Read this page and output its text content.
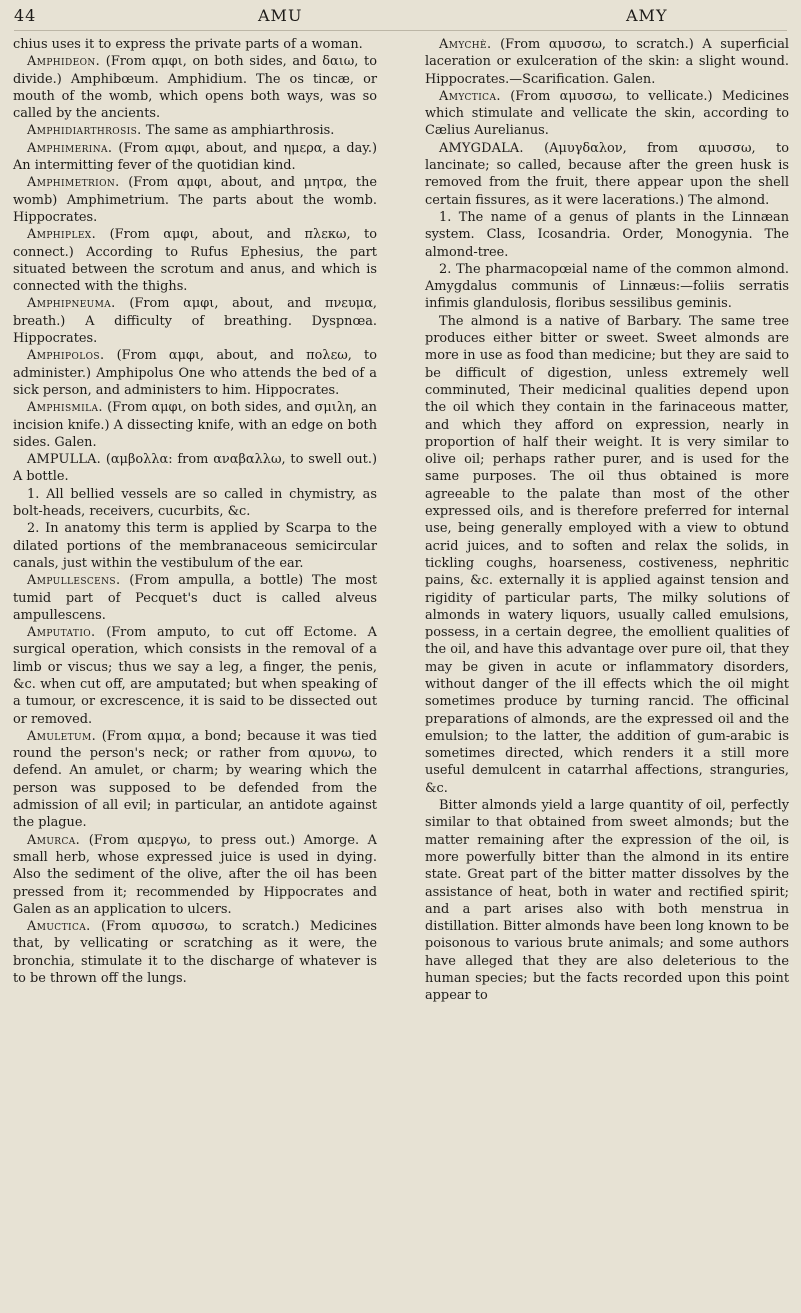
44	AMU	AMY

chius uses it to express the private parts of a woman.

Amphideon. (From αμφι, on both sides, and δαιω, to divide.) Amphibœum. Amphidium. The os tincæ, or mouth of the womb, which opens both ways, was so called by the ancients.

Amphidiarthrosis. The same as amphiarthrosis.

Amphimerina. (From αμφι, about, and ημερα, a day.) An intermitting fever of the quotidian kind.

Amphimetrion. (From αμφι, about, and μητρα, the womb) Amphimetrium. The parts about the womb. Hippocrates.

Amphiplex. (From αμφι, about, and πλεκω, to connect.) According to Rufus Ephesius, the part situated between the scrotum and anus, and which is connected with the thighs.

Amphipneuma. (From αμφι, about, and πνευμα, breath.) A difficulty of breathing. Dyspnœa. Hippocrates.

Amphipolos. (From αμφι, about, and πολεω, to administer.) Amphipolus One who attends the bed of a sick person, and administers to him. Hippocrates.

Amphismila. (From αμφι, on both sides, and σμιλη, an incision knife.) A dissecting knife, with an edge on both sides. Galen.

AMPULLA. (αμβολλα: from αναβαλλω, to swell out.) A bottle.

1. All bellied vessels are so called in chymistry, as bolt-heads, receivers, cucurbits, &c.

2. In anatomy this term is applied by Scarpa to the dilated portions of the membranaceous semicircular canals, just within the vestibulum of the ear.

Ampullescens. (From ampulla, a bottle) The most tumid part of Pecquet's duct is called alveus ampullescens.

Amputatio. (From amputo, to cut off Ectome. A surgical operation, which consists in the removal of a limb or viscus; thus we say a leg, a finger, the penis, &c. when cut off, are amputated; but when speaking of a tumour, or excrescence, it is said to be dissected out or removed.

Amuletum. (From αμμα, a bond; because it was tied round the person's neck; or rather from αμυνω, to defend. An amulet, or charm; by wearing which the person was supposed to be defended from the admission of all evil; in particular, an antidote against the plague.

Amurca. (From αμεργω, to press out.) Amorge. A small herb, whose expressed juice is used in dying. Also the sediment of the olive, after the oil has been pressed from it; recommended by Hippocrates and Galen as an application to ulcers.

Amuctica. (From αμυσσω, to scratch.) Medicines that, by vellicating or scratching as it were, the bronchia, stimulate it to the discharge of whatever is to be thrown off the lungs.

Amychè. (From αμυσσω, to scratch.) A superficial laceration or exulceration of the skin: a slight wound. Hippocrates.—Scarification. Galen.

Amyctica. (From αμυσσω, to vellicate.) Medicines which stimulate and vellicate the skin, according to Cælius Aurelianus.

AMYGDALA. (Αμυγδαλον, from αμυσσω, to lancinate; so called, because after the green husk is removed from the fruit, there appear upon the shell certain fissures, as it were lacerations.) The almond.

1. The name of a genus of plants in the Linnæan system. Class, Icosandria. Order, Monogynia. The almond-tree.

2. The pharmacopœial name of the common almond. Amygdalus communis of Linnæus:—foliis serratis infimis glandulosis, floribus sessilibus geminis.

The almond is a native of Barbary. The same tree produces either bitter or sweet. Sweet almonds are more in use as food than medicine; but they are said to be difficult of digestion, unless extremely well comminuted, Their medicinal qualities depend upon the oil which they contain in the farinaceous matter, and which they afford on expression, nearly in proportion of half their weight. It is very similar to olive oil; perhaps rather purer, and is used for the same purposes. The oil thus obtained is more agreeable to the palate than most of the other expressed oils, and is therefore preferred for internal use, being generally employed with a view to obtund acrid juices, and to soften and relax the solids, in tickling coughs, hoarseness, costiveness, nephritic pains, &c. externally it is applied against tension and rigidity of particular parts, The milky solutions of almonds in watery liquors, usually called emulsions, possess, in a certain degree, the emollient qualities of the oil, and have this advantage over pure oil, that they may be given in acute or inflammatory disorders, without danger of the ill effects which the oil might sometimes produce by turning rancid. The officinal preparations of almonds, are the expressed oil and the emulsion; to the latter, the addition of gum-arabic is sometimes directed, which renders it a still more useful demulcent in catarrhal affections, stranguries, &c.

Bitter almonds yield a large quantity of oil, perfectly similar to that obtained from sweet almonds; but the matter remaining after the expression of the oil, is more powerfully bitter than the almond in its entire state. Great part of the bitter matter dissolves by the assistance of heat, both in water and rectified spirit; and a part arises also with both menstrua in distillation. Bitter almonds have been long known to be poisonous to various brute animals; and some authors have alleged that they are also deleterious to the human species; but the facts recorded upon this point appear to
